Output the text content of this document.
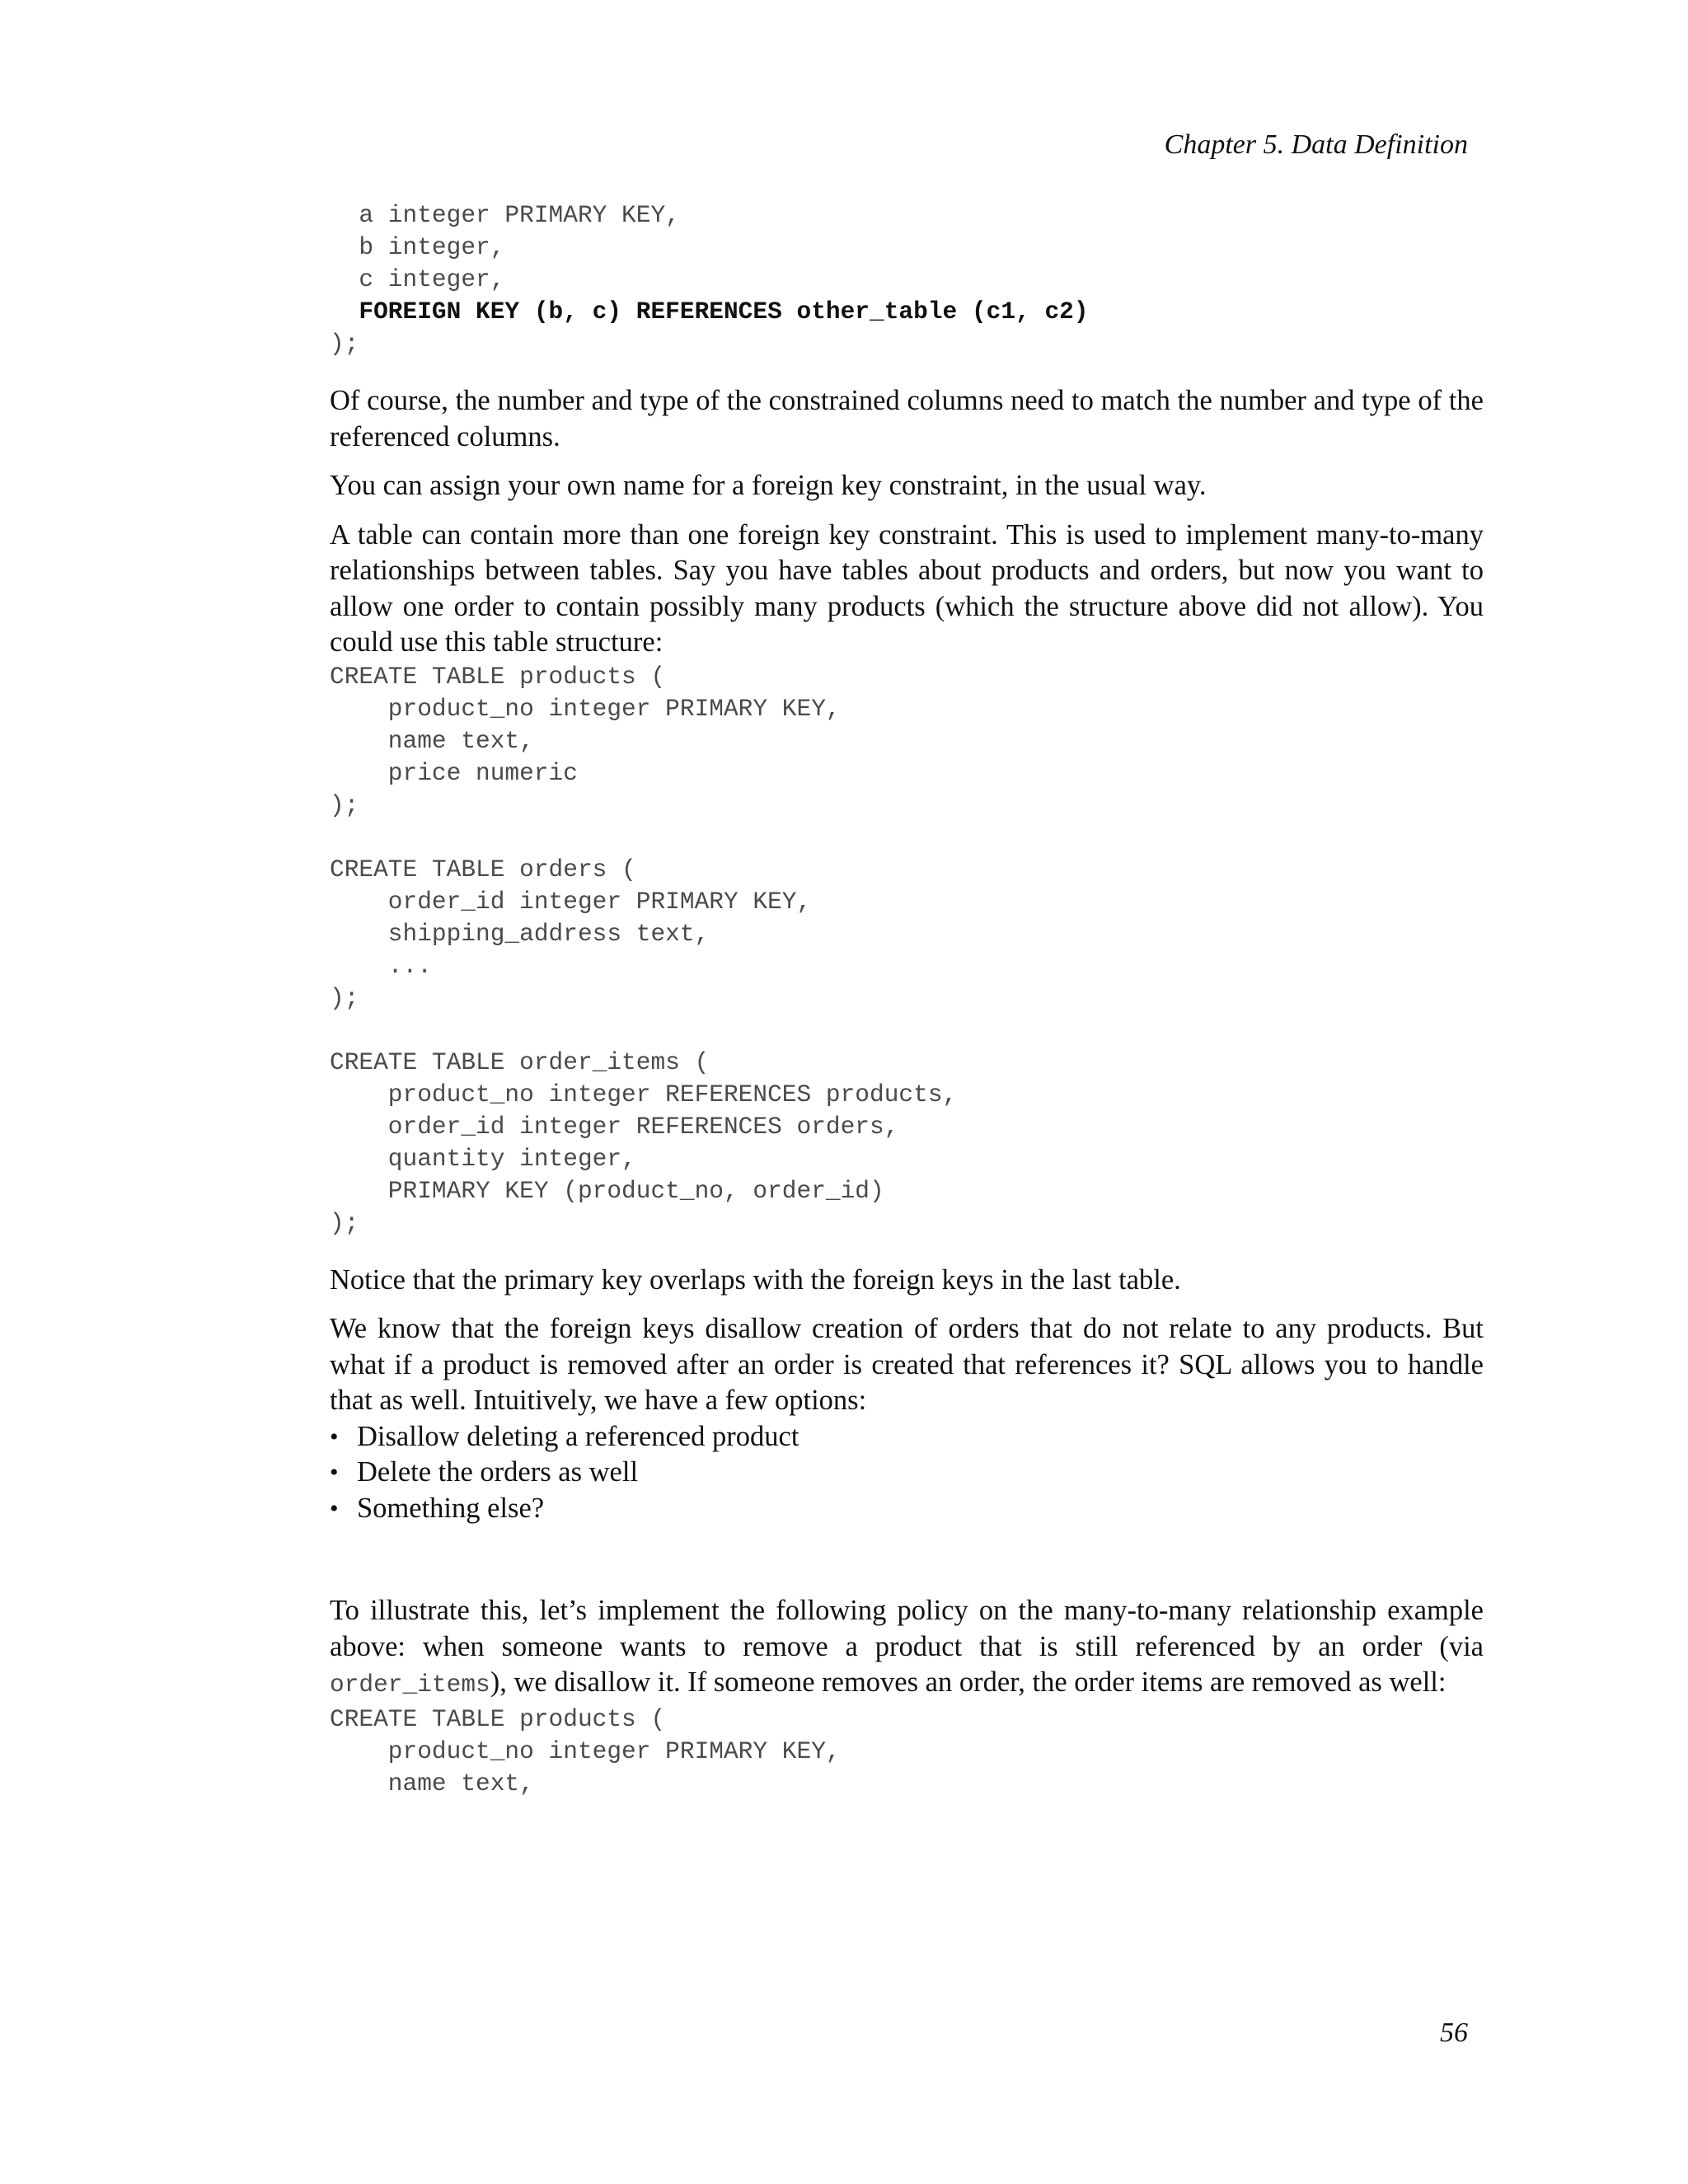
Chapter 5. Data Definition
a integer PRIMARY KEY,
b integer,
c integer,
FOREIGN KEY (b, c) REFERENCES other_table (c1, c2)
);

Of course, the number and type of the constrained columns need to match the number and type of the referenced columns.

You can assign your own name for a foreign key constraint, in the usual way.

A table can contain more than one foreign key constraint. This is used to implement many-to-many relationships between tables. Say you have tables about products and orders, but now you want to allow one order to contain possibly many products (which the structure above did not allow). You could use this table structure:

CREATE TABLE products (
product_no integer PRIMARY KEY,
name text,
price numeric
);
CREATE TABLE orders (
order_id integer PRIMARY KEY,
shipping_address text,
...
);
CREATE TABLE order_items (
product_no integer REFERENCES products,
order_id integer REFERENCES orders,
quantity integer,
PRIMARY KEY (product_no, order_id)
);

Notice that the primary key overlaps with the foreign keys in the last table.

We know that the foreign keys disallow creation of orders that do not relate to any products. But what if a product is removed after an order is created that references it? SQL allows you to handle that as well. Intuitively, we have a few options:

• Disallow deleting a referenced product
• Delete the orders as well
• Something else?

To illustrate this, let’s implement the following policy on the many-to-many relationship example above: when someone wants to remove a product that is still referenced by an order (via order_items), we disallow it. If someone removes an order, the order items are removed as well:

CREATE TABLE products (
product_no integer PRIMARY KEY,
name text,
56
